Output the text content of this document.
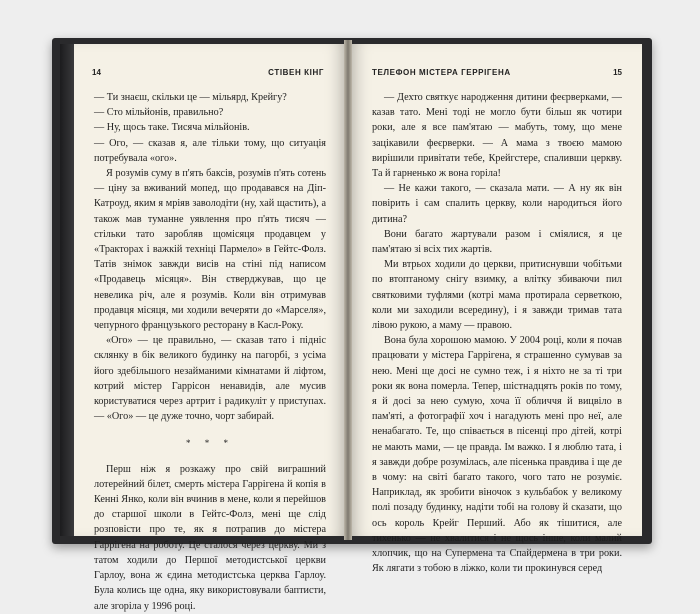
14	СТІВЕН КІНГ

— Ти знаєш, скільки це — мільярд, Крейгу?

— Сто мільйонів, правильно?

— Ну, щось таке. Тисяча мільйонів.

— Ого, — сказав я, але тільки тому, що ситуація потребувала «ого».

Я розумів суму в п'ять баксів, розумів п'ять сотень — ціну за вживаний мопед, що продавався на Діп-Катроуд, яким я мріяв заволодіти (ну, хай щастить), а також мав туманне уявлення про п'ять тисяч — стільки тато заробляв щомісяця продавцем у «Тракторах і важкій техніці Пармело» в Гейтс-Фолз. Татів знімок завжди висів на стіні під написом «Продавець місяця». Він стверджував, що це невелика річ, але я розумів. Коли він отримував продавця місяця, ми ходили вечеряти до «Марселя», чепурного французького ресторану в Касл-Року.

«Ого» — це правильно, — сказав тато і підніс склянку в бік великого будинку на пагорбі, з усіма його здебільшого незайманими кімнатами й ліфтом, котрий містер Гаррісон ненавидів, але мусив користуватися через артрит і радикуліт у приступах. — «Ого» — це дуже точно, чорт забирай.

* * *

Перш ніж я розкажу про свій виграшний лотерейний білет, смерть містера Гаррігена й копія в Кенні Янко, коли він вчинив в мене, коли я перейшов до старшої школи в Гейтс-Фолз, мені ще слід розповісти про те, як я потрапив до містера Гаррігена на роботу. Це сталося через церкву. Ми з татом ходили до Першої методистської церкви Гарлоу, вона ж єдина методистська церква Гарлоу. Була колись ще одна, яку використовували баптисти, але згоріла у 1996 році.

ТЕЛЕФОН МІСТЕРА ГЕРРІГЕНА	15

— Дехто святкує народження дитини феєрверками, — казав тато. Мені тоді не могло бути більш як чотири роки, але я все пам'ятаю — мабуть, тому, що мене зацікавили феєрверки. — А мама з твоєю мамою вирішили привітати тебе, Крейгстере, спаливши церкву. Та й гарненько ж вона горіла!

— Не кажи такого, — сказала мати. — А ну як він повірить і сам спалить церкву, коли народиться його дитина?

Вони багато жартували разом і сміялися, я це пам'ятаю зі всіх тих жартів.

Ми втрьох ходили до церкви, притиснувши чобітьми по втоптаному снігу взимку, а влітку збиваючи пил святковими туфлями (котрі мама протирала серветкою, коли ми заходили всередину), і я завжди тримав тата лівою рукою, а маму — правою.

Вона була хорошою мамою. У 2004 році, коли я почав працювати у містера Гаррігена, я страшенно сумував за нею. Мені ще досі не сумно теж, і я ніхто не за ті три роки як вона померла. Тепер, шістнадцять років по тому, я й досі за нею сумую, хоча її обличчя й вицвіло в пам'яті, а фотографії хоч і нагадують мені про неї, але ненабагато. Те, що співається в пісенці про дітей, котрі не мають мами, — це правда. Ім важко. І я люблю тата, і я завжди добре розумілась, але пісенька правдива і ще де в чому: на світі багато такого, чого тато не розуміє. Наприклад, як зробити віночок з кульбабок у великому полі позаду будинку, надіти тобі на голову й сказати, що ось король Крейг Перший. Або як тішитися, але тихенько — не хвалитися і не щось інше, коли малий хлопчик, що на Супермена та Спайдермена в три роки. Як лягати з тобою в ліжко, коли ти прокинувся серед
